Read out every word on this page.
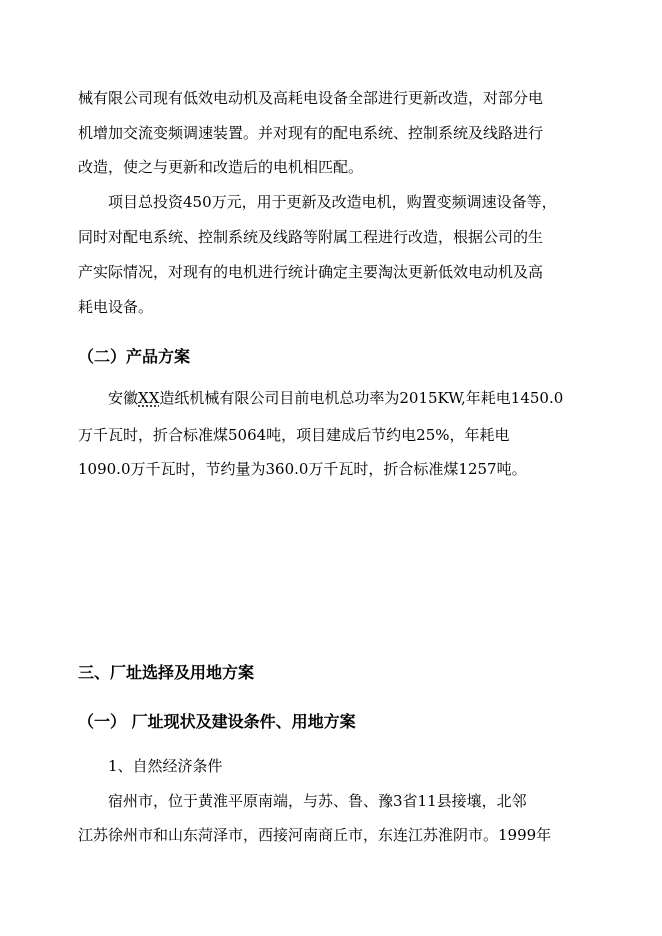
械有限公司现有低效电动机及高耗电设备全部进行更新改造，对部分电
机增加交流变频调速装置。并对现有的配电系统、控制系统及线路进行
改造，使之与更新和改造后的电机相匹配。
项目总投资450万元，用于更新及改造电机，购置变频调速设备等，
同时对配电系统、控制系统及线路等附属工程进行改造，根据公司的生
产实际情况，对现有的电机进行统计确定主要淘汰更新低效电动机及高
耗电设备。
（二）产品方案
安徽XX造纸机械有限公司目前电机总功率为2015KW,年耗电1450.0
万千瓦时，折合标准煤5064吨，项目建成后节约电25%，年耗电
1090.0万千瓦时，节约量为360.0万千瓦时，折合标准煤1257吨。
三、厂址选择及用地方案
（一） 厂址现状及建设条件、用地方案
1、自然经济条件
宿州市，位于黄淮平原南端，与苏、鲁、豫3省11县接壤，北邻
江苏徐州市和山东菏泽市，西接河南商丘市，东连江苏淮阴市。1999年
